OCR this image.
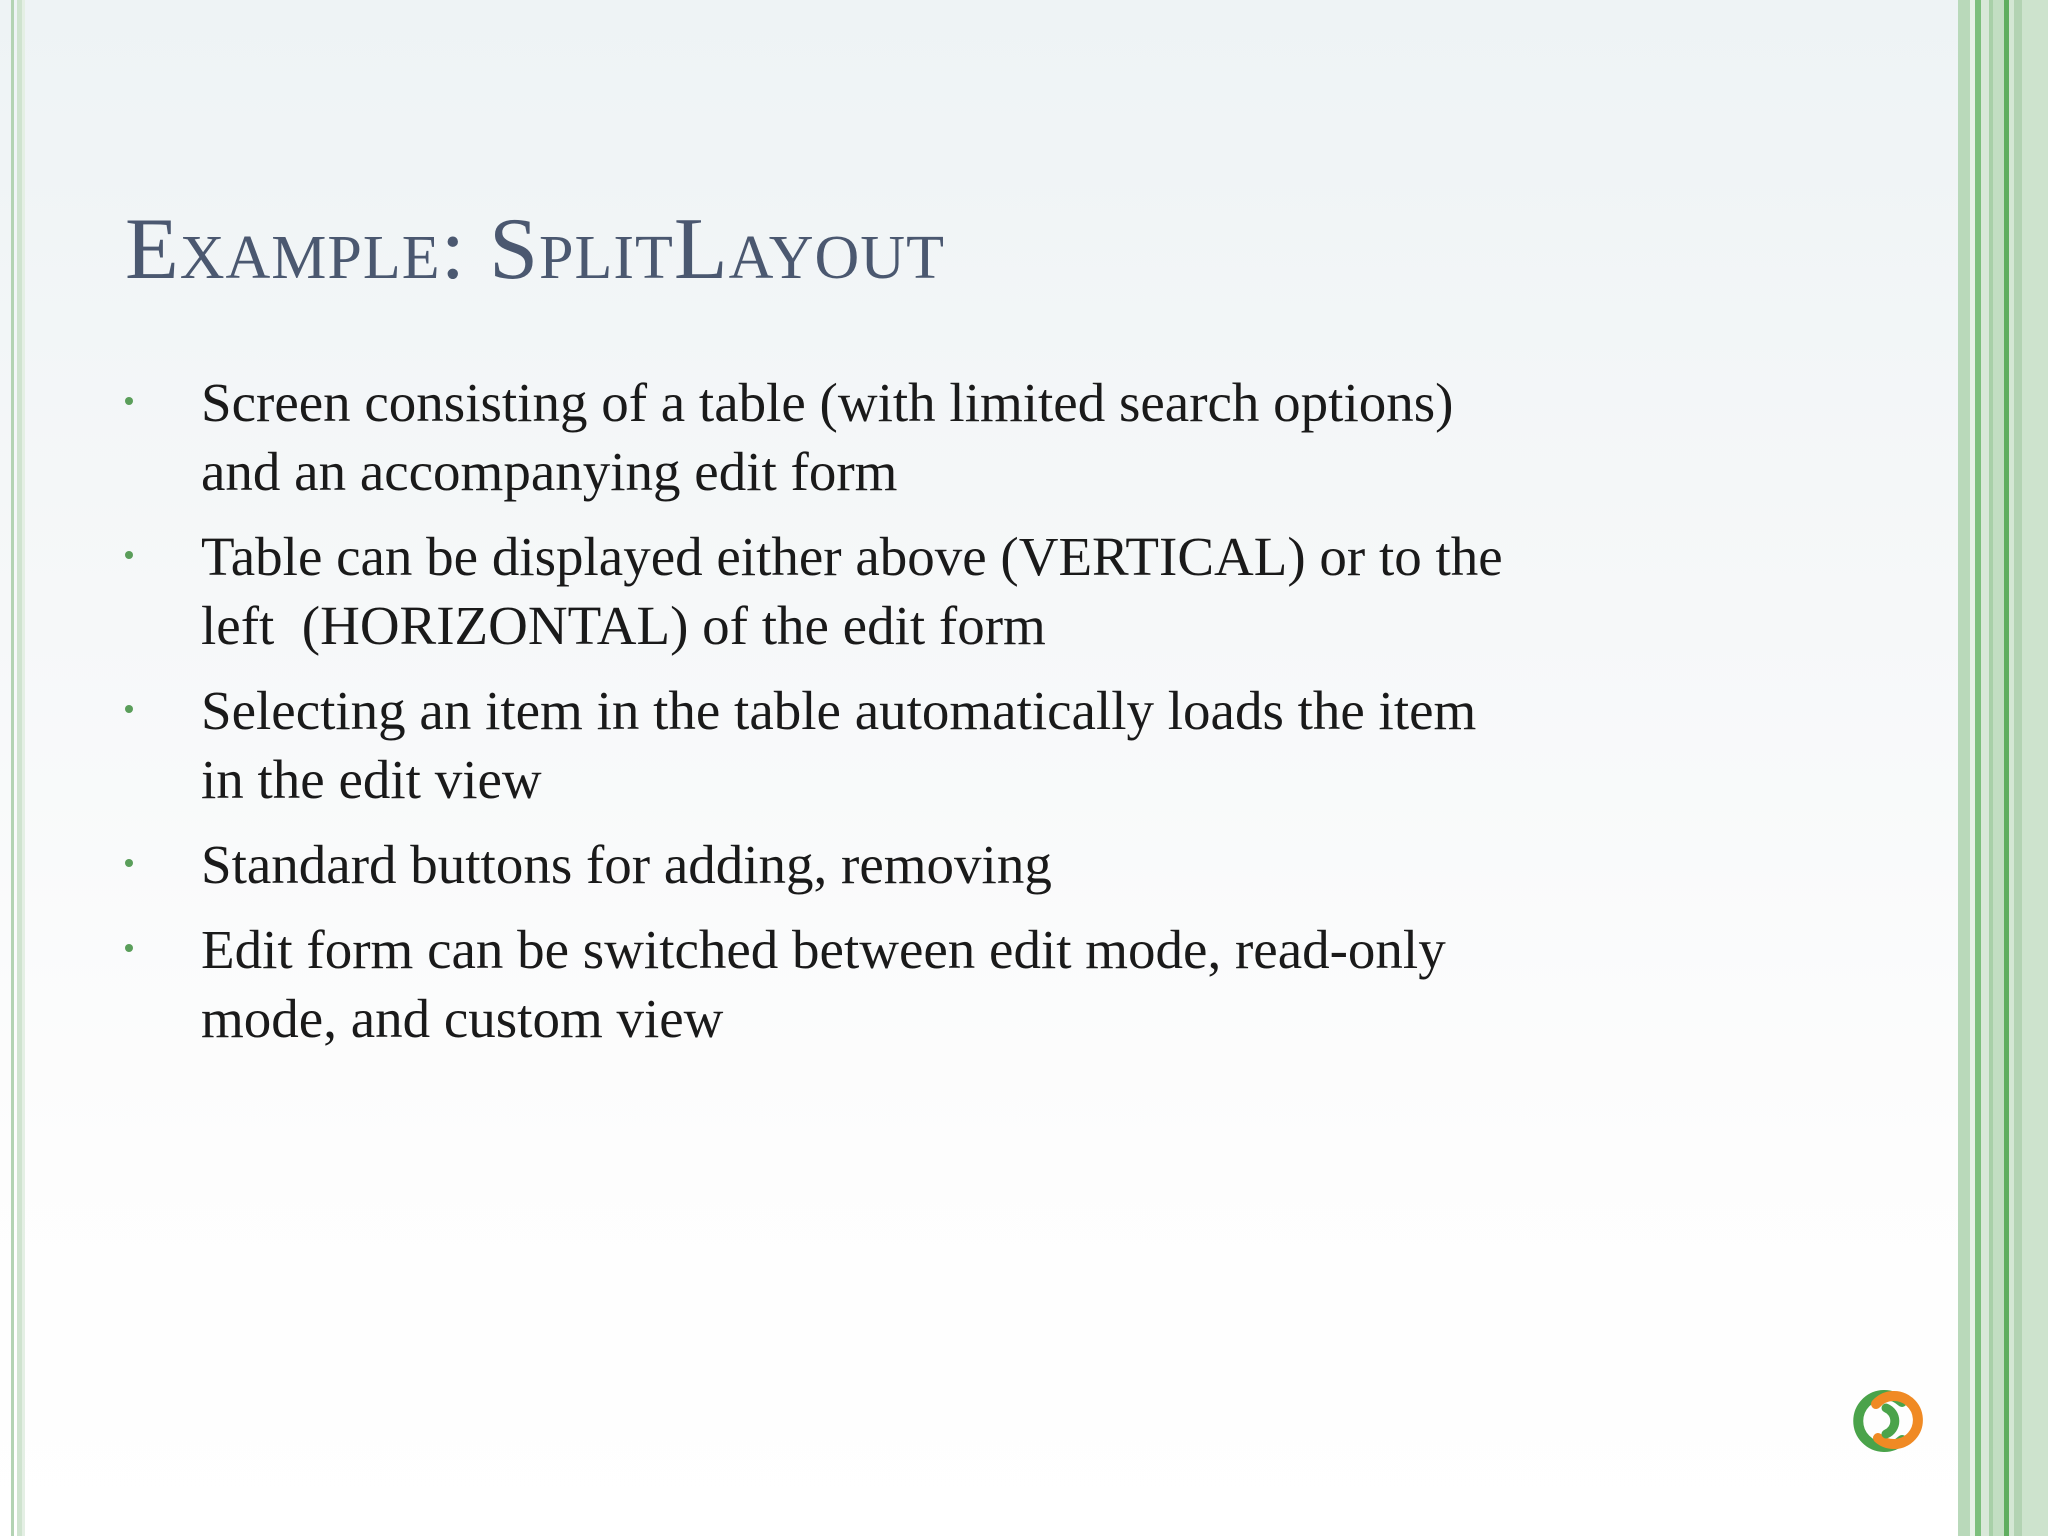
Example: SplitLayout
Screen consisting of a table (with limited search options)
and an accompanying edit form
Table can be displayed either above (VERTICAL) or to the
left  (HORIZONTAL) of the edit form
Selecting an item in the table automatically loads the item
in the edit view
Standard buttons for adding, removing
Edit form can be switched between edit mode, read-only
mode, and custom view
